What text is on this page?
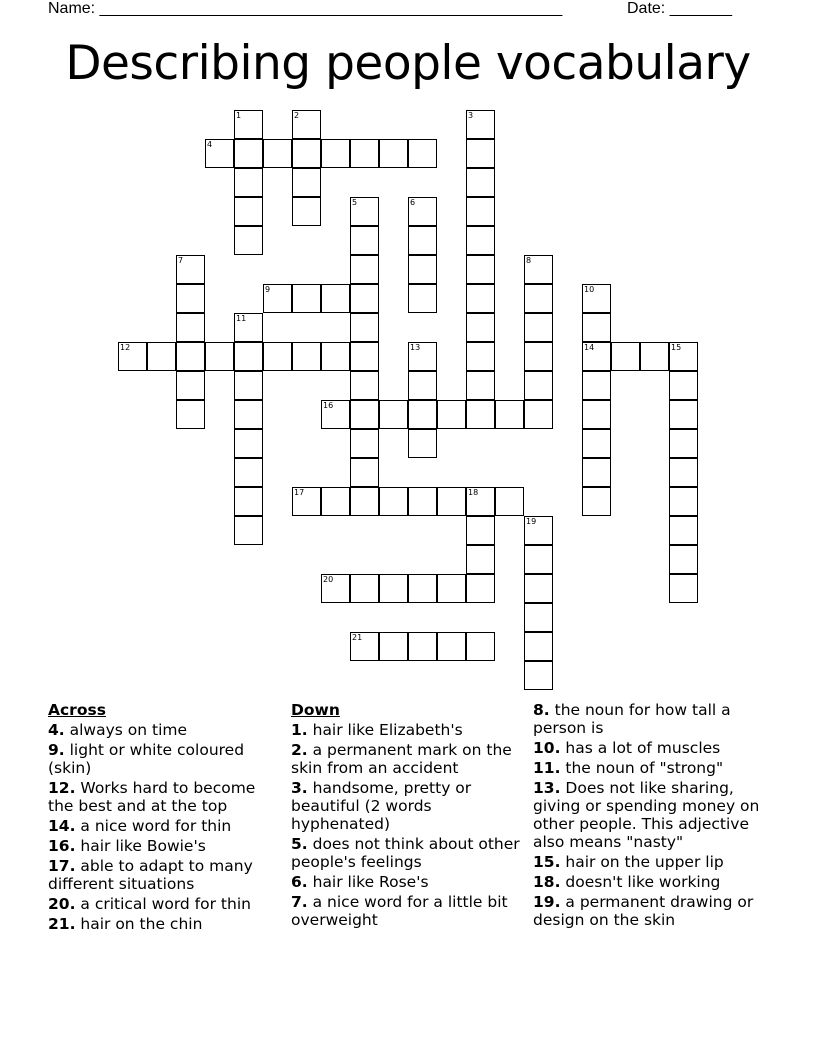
Name: ____________________________________________________	Date: _______
Describing people vocabulary
1	2	3
4
5	6
7	8
9	10
14
11
12	13	15
16
17	18
19
20
21
Across
4. always on time
9. light or white coloured (skin)
12. Works hard to become the best and at the top
14. a nice word for thin
16. hair like Bowie's
17. able to adapt to many different situations
20. a critical word for thin
21. hair on the chin
Down
1. hair like Elizabeth's
2. a permanent mark on the skin from an accident
3. handsome, pretty or beautiful (2 words hyphenated)
5. does not think about other people's feelings
6. hair like Rose's
7. a nice word for a little bit overweight
8. the noun for how tall a person is
10. has a lot of muscles
11. the noun of "strong"
13. Does not like sharing, giving or spending money on other people. This adjective also means "nasty"
15. hair on the upper lip
18. doesn't like working
19. a permanent drawing or design on the skin
